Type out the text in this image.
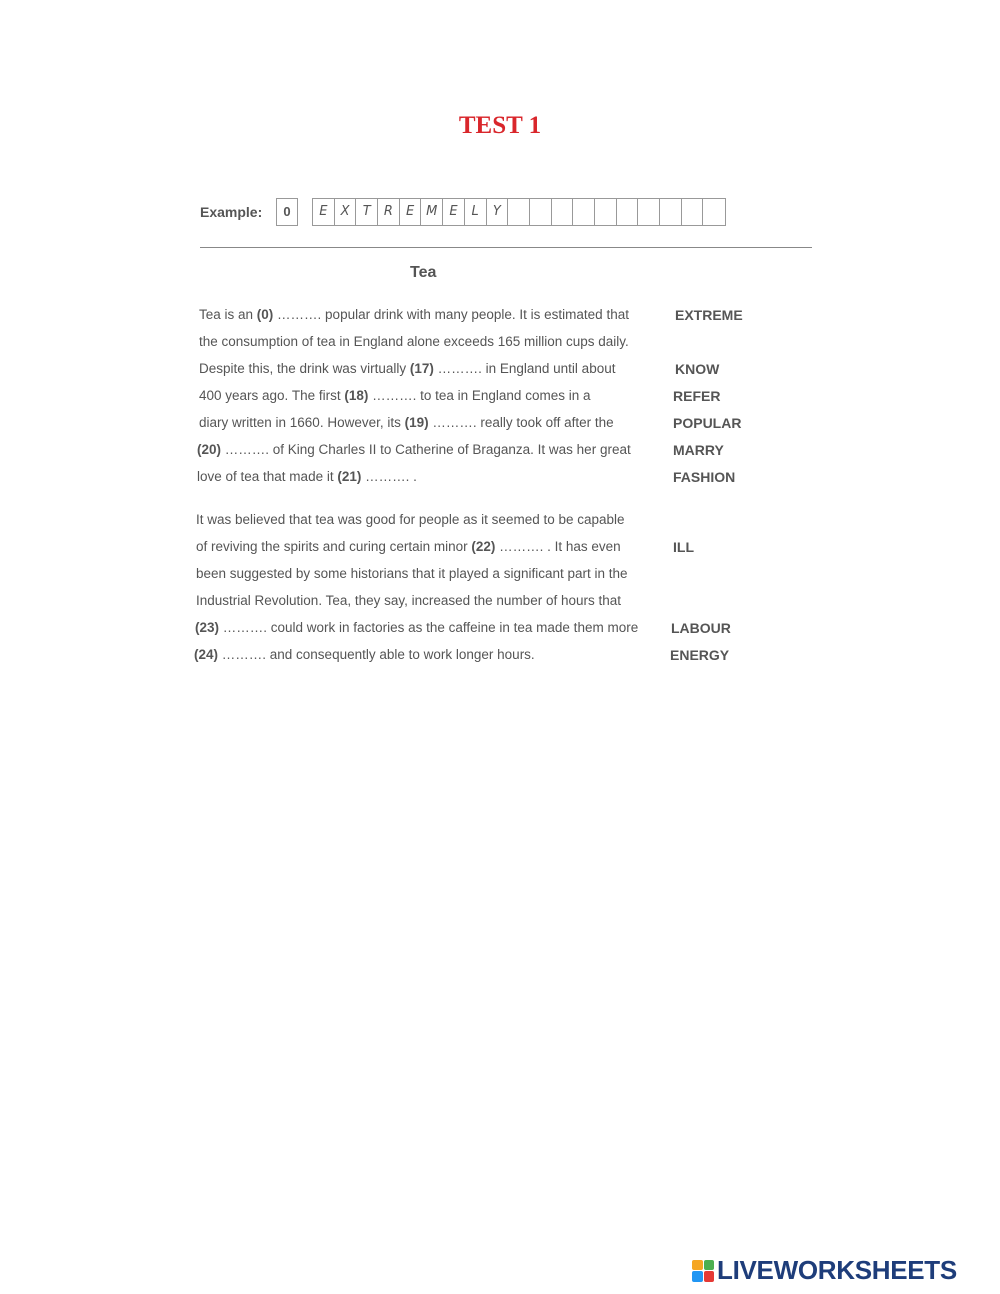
TEST 1
Example:	0	E	X	T	R	E M E	L	Y
Tea
Tea is an (0) ………. popular drink with many people. It is estimated that	EXTREME
the consumption of tea in England alone exceeds 165 million cups daily.
Despite this, the drink was virtually (17) ………. in England until about	KNOW
400 years ago. The first (18) ………. to tea in England comes in a	REFER
diary written in 1660. However, its (19) ………. really took off after the	POPULAR
(20) ………. of King Charles II to Catherine of Braganza. It was her great	MARRY
love of tea that made it (21) ………. .	FASHION
It was believed that tea was good for people as it seemed to be capable
of reviving the spirits and curing certain minor (22) ………. . It has even	ILL
been suggested by some historians that it played a significant part in the
Industrial Revolution. Tea, they say, increased the number of hours that
(23) ………. could work in factories as the caffeine in tea made them more LABOUR
(24) ………. and consequently able to work longer hours.	ENERGY
LIVEWORKSHEETS
